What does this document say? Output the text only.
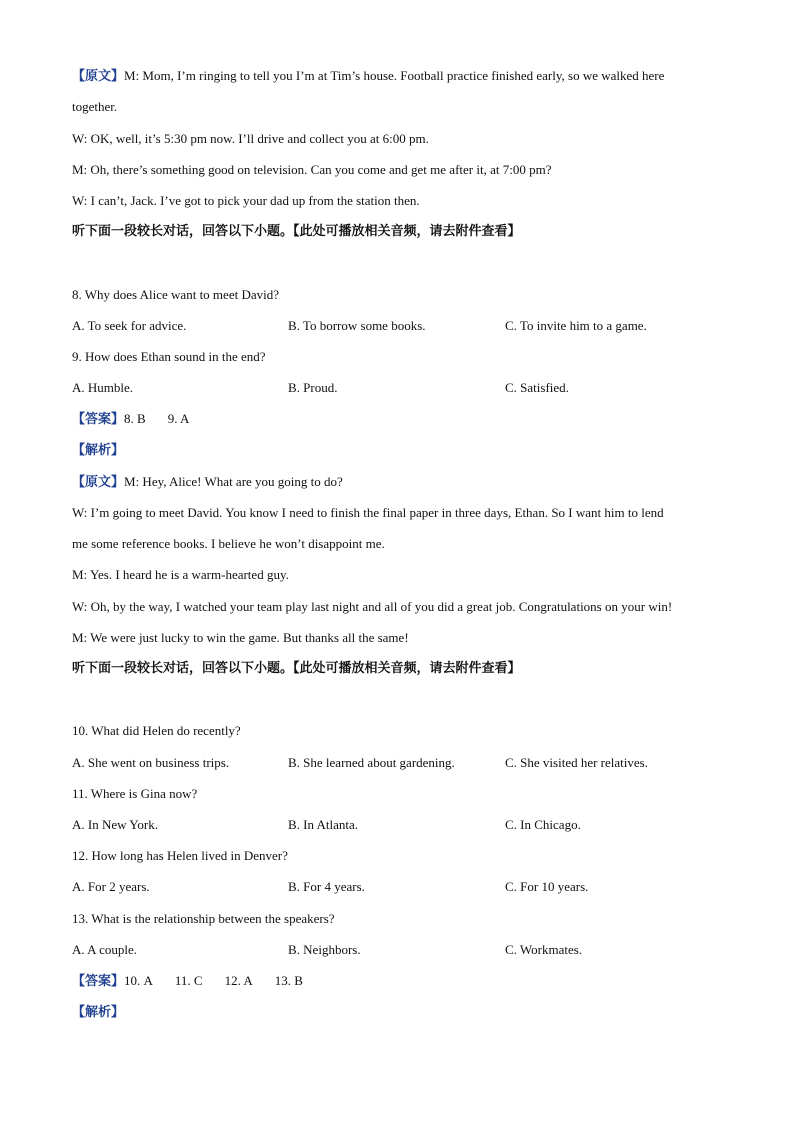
【原文】M: Mom, I’m ringing to tell you I’m at Tim’s house. Football practice finished early, so we walked here
together.
W: OK, well, it’s 5:30 pm now. I’ll drive and collect you at 6:00 pm.
M: Oh, there’s something good on television. Can you come and get me after it, at 7:00 pm?
W: I can’t, Jack. I’ve got to pick your dad up from the station then.
听下面一段较长对话，回答以下小题。【此处可播放相关音频，请去附件查看】
8. Why does Alice want to meet David?
A. To seek for advice.	B. To borrow some books.	C. To invite him to a game.
9. How does Ethan sound in the end?
A. Humble.	B. Proud.	C. Satisfied.
【答案】8. B 9. A
【解析】
【原文】M: Hey, Alice! What are you going to do?
W: I’m going to meet David. You know I need to finish the final paper in three days, Ethan. So I want him to lend
me some reference books. I believe he won’t disappoint me.
M: Yes. I heard he is a warm-hearted guy.
W: Oh, by the way, I watched your team play last night and all of you did a great job. Congratulations on your win!
M: We were just lucky to win the game. But thanks all the same!
听下面一段较长对话，回答以下小题。【此处可播放相关音频，请去附件查看】
10. What did Helen do recently?
A. She went on business trips.	B. She learned about gardening.	C. She visited her relatives.
11. Where is Gina now?
A. In New York.	B. In Atlanta.	C. In Chicago.
12. How long has Helen lived in Denver?
A. For 2 years.	B. For 4 years.	C. For 10 years.
13. What is the relationship between the speakers?
A. A couple.	B. Neighbors.	C. Workmates.
【答案】10. A 11. C 12. A 13. B
【解析】
